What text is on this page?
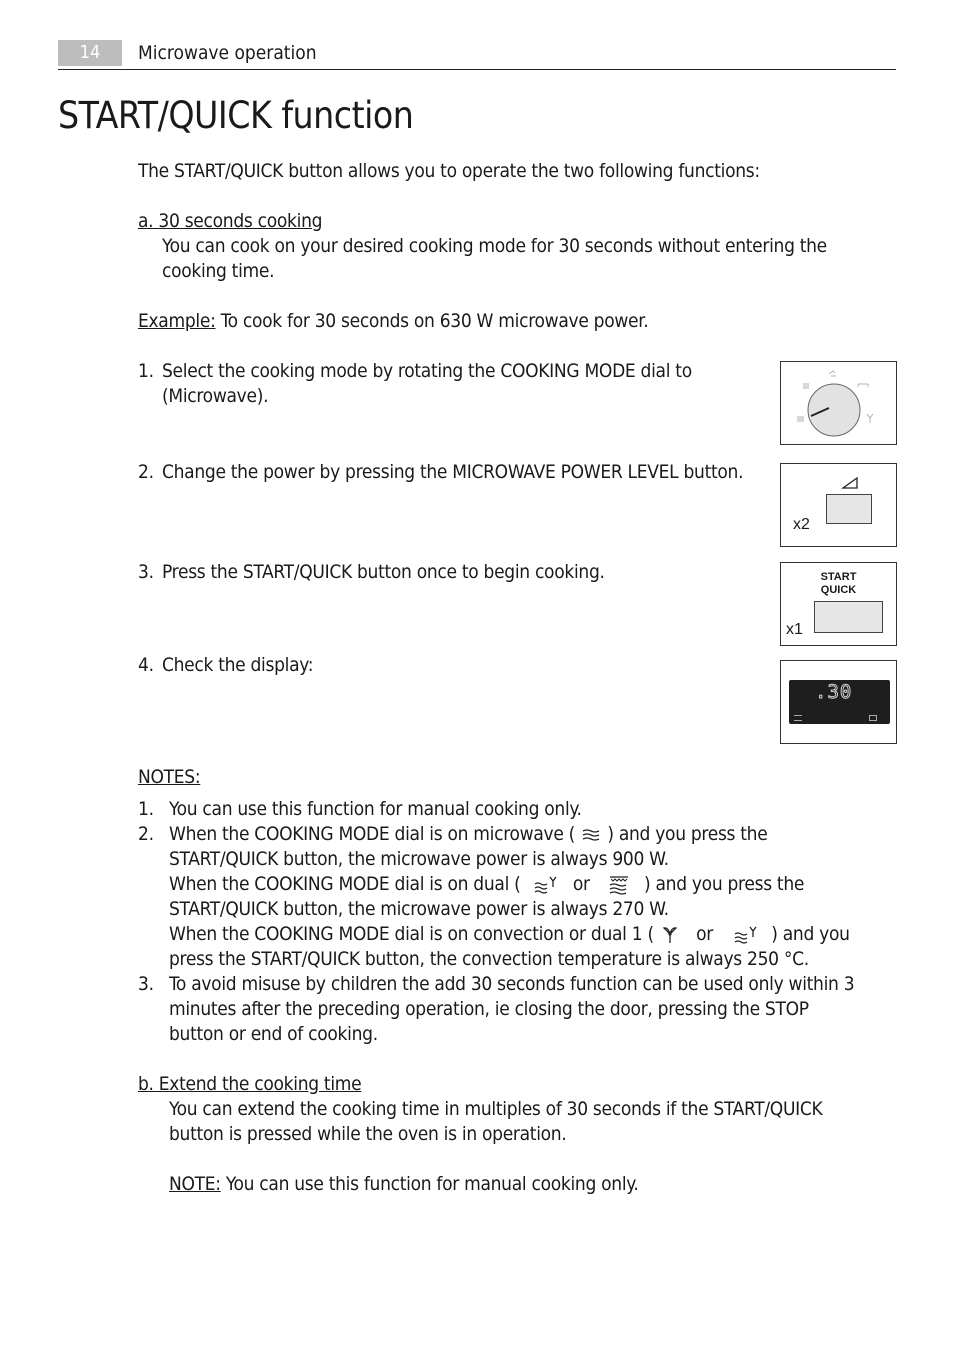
14	Microwave operation
START/QUICK function
The START/QUICK button allows you to operate the two following functions:
a. 30 seconds cooking
You can cook on your desired cooking mode for 30 seconds without entering the
cooking time.
Example: To cook for 30 seconds on 630 W microwave power.
1. Select the cooking mode by rotating the COOKING MODE dial to
(Microwave).
2. Change the power by pressing the MICROWAVE POWER LEVEL button.
3. Press the START/QUICK button once to begin cooking.
4. Check the display:
x2
START
QUICK
x1
.30
NOTES:
1. You can use this function for manual cooking only.
2. When the COOKING MODE dial is on microwave ( ) and you press the
START/QUICK button, the microwave power is always 900 W.
When the COOKING MODE dial is on dual (	or	) and you press the
START/QUICK button, the microwave power is always 270 W.
When the COOKING MODE dial is on convection or dual 1 ( or	) and you
press the START/QUICK button, the convection temperature is always 250 °C.
3. To avoid misuse by children the add 30 seconds function can be used only within 3
minutes after the preceding operation, ie closing the door, pressing the STOP
button or end of cooking.
b. Extend the cooking time
You can extend the cooking time in multiples of 30 seconds if the START/QUICK
button is pressed while the oven is in operation.
NOTE: You can use this function for manual cooking only.
